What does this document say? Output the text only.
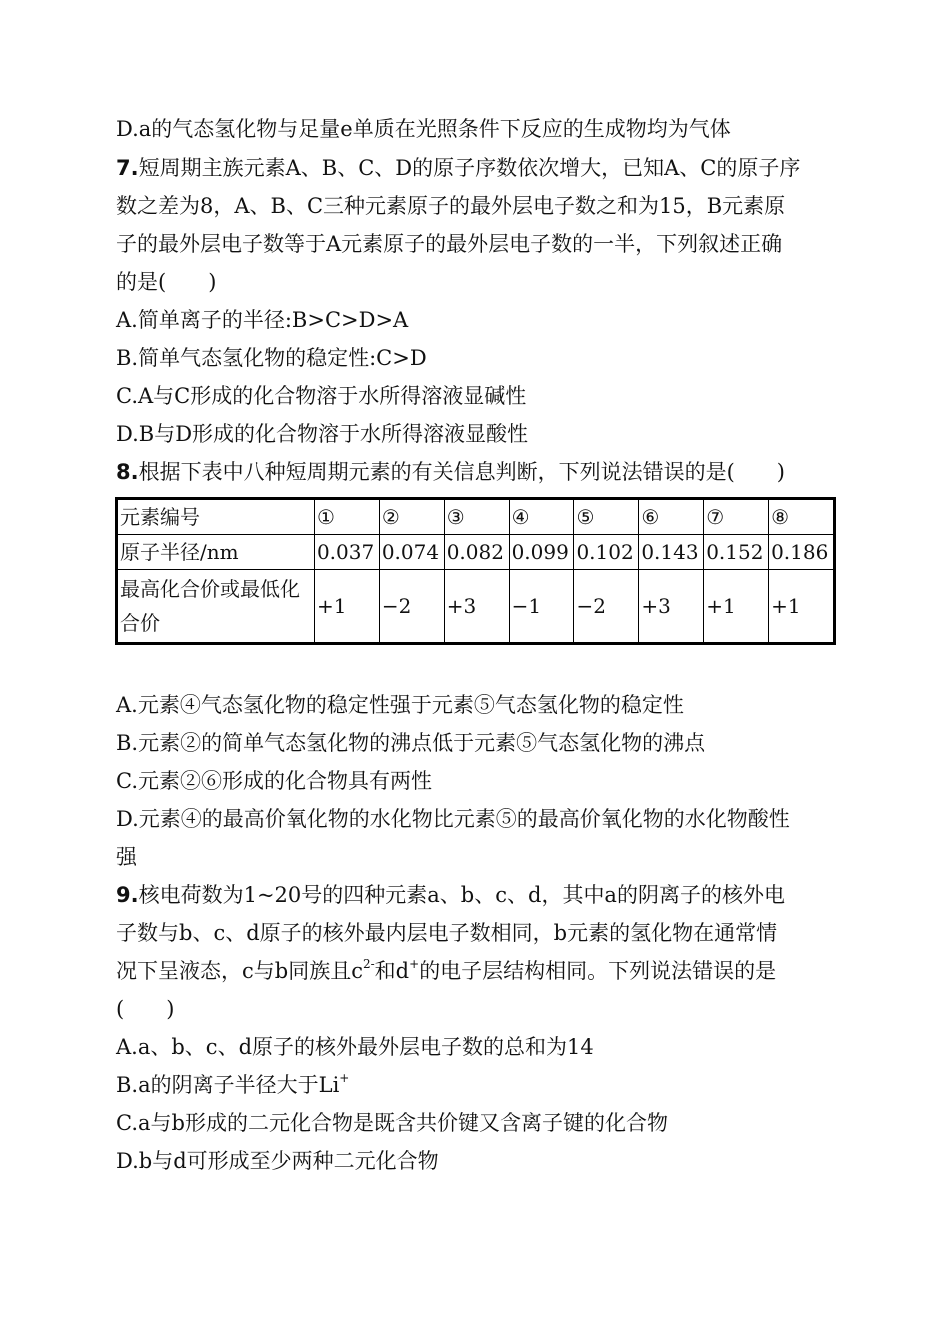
D.a的气态氢化物与足量e单质在光照条件下反应的生成物均为气体
7.短周期主族元素A、B、C、D的原子序数依次增大，已知A、C的原子序
数之差为8，A、B、C三种元素原子的最外层电子数之和为15，B元素原
子的最外层电子数等于A元素原子的最外层电子数的一半，下列叙述正确
的是(　　)
A.简单离子的半径:B>C>D>A
B.简单气态氢化物的稳定性:C>D
C.A与C形成的化合物溶于水所得溶液显碱性
D.B与D形成的化合物溶于水所得溶液显酸性
8.根据下表中八种短周期元素的有关信息判断，下列说法错误的是(　　)
元素编号	①	②	③	④	⑤	⑥	⑦	⑧
原子半径/nm	0.037	0.074	0.082	0.099	0.102	0.143	0.152	0.186
最高化合价或最低化合价	+1	−2	+3	−1	−2	+3	+1	+1
A.元素④气态氢化物的稳定性强于元素⑤气态氢化物的稳定性
B.元素②的简单气态氢化物的沸点低于元素⑤气态氢化物的沸点
C.元素②⑥形成的化合物具有两性
D.元素④的最高价氧化物的水化物比元素⑤的最高价氧化物的水化物酸性
强
9.核电荷数为1~20号的四种元素a、b、c、d，其中a的阴离子的核外电
子数与b、c、d原子的核外最内层电子数相同，b元素的氢化物在通常情
况下呈液态，c与b同族且$c^{2-}$和d+的电子层结构相同。下列说法错误的是
(　　)
A.a、b、c、d原子的核外最外层电子数的总和为14
B.a的阴离子半径大于Li+
C.a与b形成的二元化合物是既含共价键又含离子键的化合物
D.b与d可形成至少两种二元化合物
